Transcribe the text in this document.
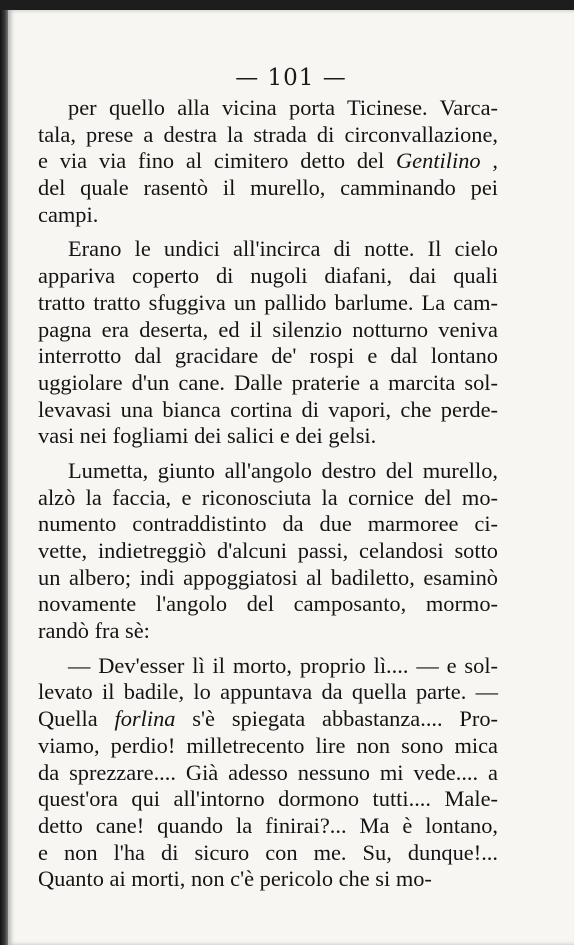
— 101 —
per quello alla vicina porta Ticinese. Varca-
tala, prese a destra la strada di circonvallazione,
e via via fino al cimitero detto del Gentilino ,
del quale rasentò il murello, camminando pei
campi.
Erano le undici all'incirca di notte. Il cielo
appariva coperto di nugoli diafani, dai quali
tratto tratto sfuggiva un pallido barlume. La cam-
pagna era deserta, ed il silenzio notturno veniva
interrotto dal gracidare de' rospi e dal lontano
uggiolare d'un cane. Dalle praterie a marcita sol-
levavasi una bianca cortina di vapori, che perde-
vasi nei fogliami dei salici e dei gelsi.
Lumetta, giunto all'angolo destro del murello,
alzò la faccia, e riconosciuta la cornice del mo-
numento contraddistinto da due marmoree ci-
vette, indietreggiò d'alcuni passi, celandosi sotto
un albero; indi appoggiatosi al badiletto, esaminò
novamente l'angolo del camposanto, mormo-
randò fra sè:
— Dev'esser lì il morto, proprio lì.... — e sol-
levato il badile, lo appuntava da quella parte. —
Quella forlina s'è spiegata abbastanza.... Pro-
viamo, perdio! milletrecento lire non sono mica
da sprezzare.... Già adesso nessuno mi vede.... a
quest'ora qui all'intorno dormono tutti.... Male-
detto cane! quando la finirai?... Ma è lontano,
e non l'ha di sicuro con me. Su, dunque!...
Quanto ai morti, non c'è pericolo che si mo-
